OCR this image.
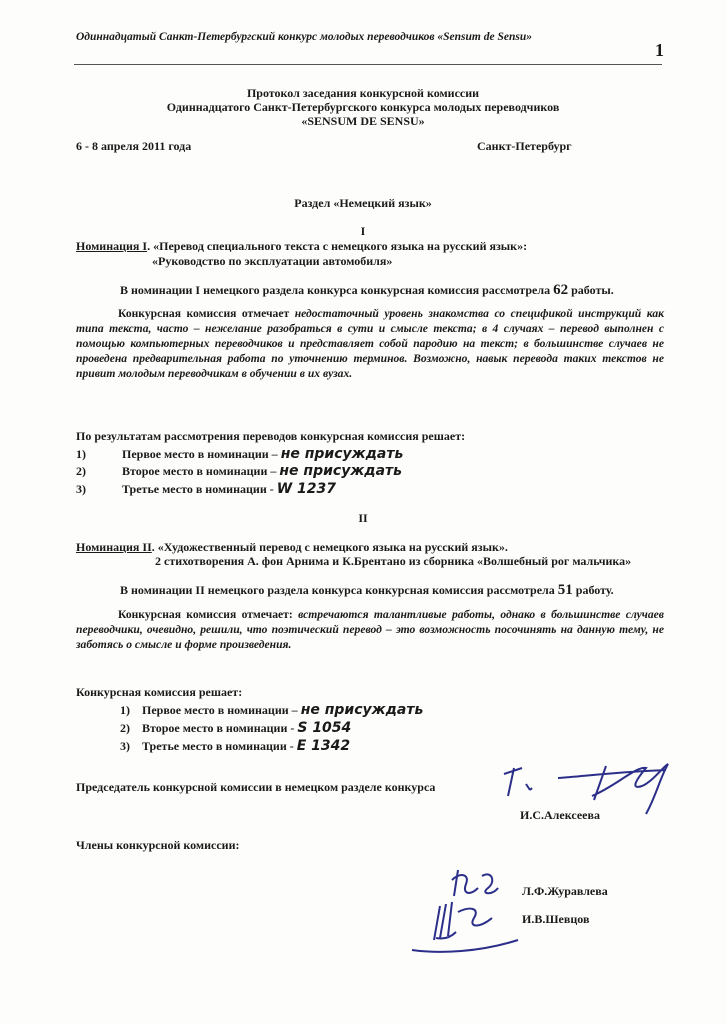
Одиннадцатый Санкт-Петербургский конкурс молодых переводчиков «Sensum de Sensu»
1
Протокол заседания конкурсной комиссии
Одиннадцатого Санкт-Петербургского конкурса молодых переводчиков
«SENSUM DE SENSU»
6 - 8 апреля 2011 года	Санкт-Петербург
Раздел «Немецкий язык»
I
Номинация I. «Перевод специального текста с немецкого языка на русский язык»:
«Руководство по эксплуатации автомобиля»
В номинации I немецкого раздела конкурса конкурсная комиссия рассмотрела 62 работы.
Конкурсная комиссия отмечает недостаточный уровень знакомства со спецификой инструкций как типа текста, часто – нежелание разобраться в сути и смысле текста; в 4 случаях – перевод выполнен с помощью компьютерных переводчиков и представляет собой пародию на текст; в большинстве случаев не проведена предварительная работа по уточнению терминов. Возможно, навык перевода таких текстов не привит молодым переводчикам в обучении в их вузах.
По результатам рассмотрения переводов конкурсная комиссия решает:
1)	Первое место в номинации – не присуждать
2)	Второе место в номинации – не присуждать
3)	Третье место в номинации - W 1237
II
Номинация II. «Художественный перевод с немецкого языка на русский язык».
2 стихотворения А. фон Арнима и К.Брентано из сборника «Волшебный рог мальчика»
В номинации II немецкого раздела конкурса конкурсная комиссия рассмотрела 51 работу.
Конкурсная комиссия отмечает: встречаются талантливые работы, однако в большинстве случаев переводчики, очевидно, решили, что поэтический перевод – это возможность посочинять на данную тему, не заботясь о смысле и форме произведения.
Конкурсная комиссия решает:
1) Первое место в номинации – не присуждать
2) Второе место в номинации - S 1054
3) Третье место в номинации - E 1342
Председатель конкурсной комиссии в немецком разделе конкурса
И.С.Алексеева
Члены конкурсной комиссии:
Л.Ф.Журавлева
И.В.Шевцов
